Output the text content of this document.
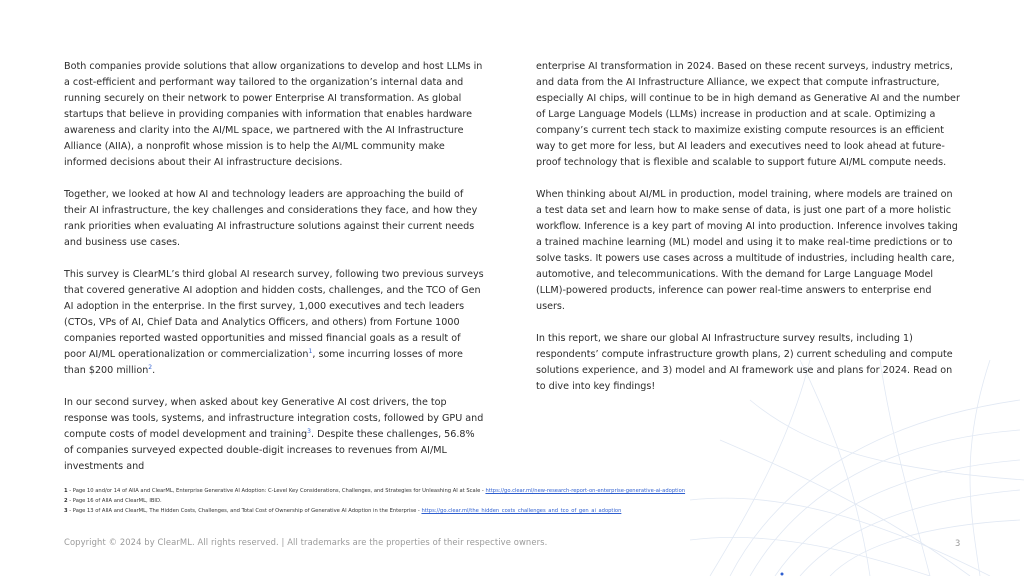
Both companies provide solutions that allow organizations to develop and host LLMs in a cost-efficient and performant way tailored to the organization’s internal data and running securely on their network to power Enterprise AI transformation. As global startups that believe in providing companies with information that enables hardware awareness and clarity into the AI/ML space, we partnered with the AI Infrastructure Alliance (AIIA), a nonprofit whose mission is to help the AI/ML community make informed decisions about their AI infrastructure decisions.

Together, we looked at how AI and technology leaders are approaching the build of their AI infrastructure, the key challenges and considerations they face, and how they rank priorities when evaluating AI infrastructure solutions against their current needs and business use cases.

This survey is ClearML’s third global AI research survey, following two previous surveys that covered generative AI adoption and hidden costs, challenges, and the TCO of Gen AI adoption in the enterprise. In the first survey, 1,000 executives and tech leaders (CTOs, VPs of AI, Chief Data and Analytics Officers, and others) from Fortune 1000 companies reported wasted opportunities and missed financial goals as a result of poor AI/ML operationalization or commercialization$^1$, some incurring losses of more than $200 million$^2$.

In our second survey, when asked about key Generative AI cost drivers, the top response was tools, systems, and infrastructure integration costs, followed by GPU and compute costs of model development and training$^3$. Despite these challenges, 56.8% of companies surveyed expected double-digit increases to revenues from AI/ML investments and

enterprise AI transformation in 2024. Based on these recent surveys, industry metrics, and data from the AI Infrastructure Alliance, we expect that compute infrastructure, especially AI chips, will continue to be in high demand as Generative AI and the number of Large Language Models (LLMs) increase in production and at scale. Optimizing a company’s current tech stack to maximize existing compute resources is an efficient way to get more for less, but AI leaders and executives need to look ahead at future-proof technology that is flexible and scalable to support future AI/ML compute needs.

When thinking about AI/ML in production, model training, where models are trained on a test data set and learn how to make sense of data, is just one part of a more holistic workflow. Inference is a key part of moving AI into production. Inference involves taking a trained machine learning (ML) model and using it to make real-time predictions or to solve tasks. It powers use cases across a multitude of industries, including health care, automotive, and telecommunications. With the demand for Large Language Model (LLM)-powered products, inference can power real-time answers to enterprise end users.

In this report, we share our global AI Infrastructure survey results, including 1) respondents’ compute infrastructure growth plans, 2) current scheduling and compute solutions experience, and 3) model and AI framework use and plans for 2024. Read on to dive into key findings!

1 - Page 10 and/or 14 of AIIA and ClearML, Enterprise Generative AI Adoption: C-Level Key Considerations, Challenges, and Strategies for Unleashing AI at Scale - https://go.clear.ml/new-research-report-on-enterprise-generative-ai-adoption
2 - Page 16 of AIIA and ClearML, IBID.
3 - Page 13 of AIIA and ClearML, The Hidden Costs, Challenges, and Total Cost of Ownership of Generative AI Adoption in the Enterprise - https://go.clear.ml/the_hidden_costs_challenges_and_tco_of_gen_ai_adoption
Copyright © 2024 by ClearML. All rights reserved. | All trademarks are the properties of their respective owners.	3
